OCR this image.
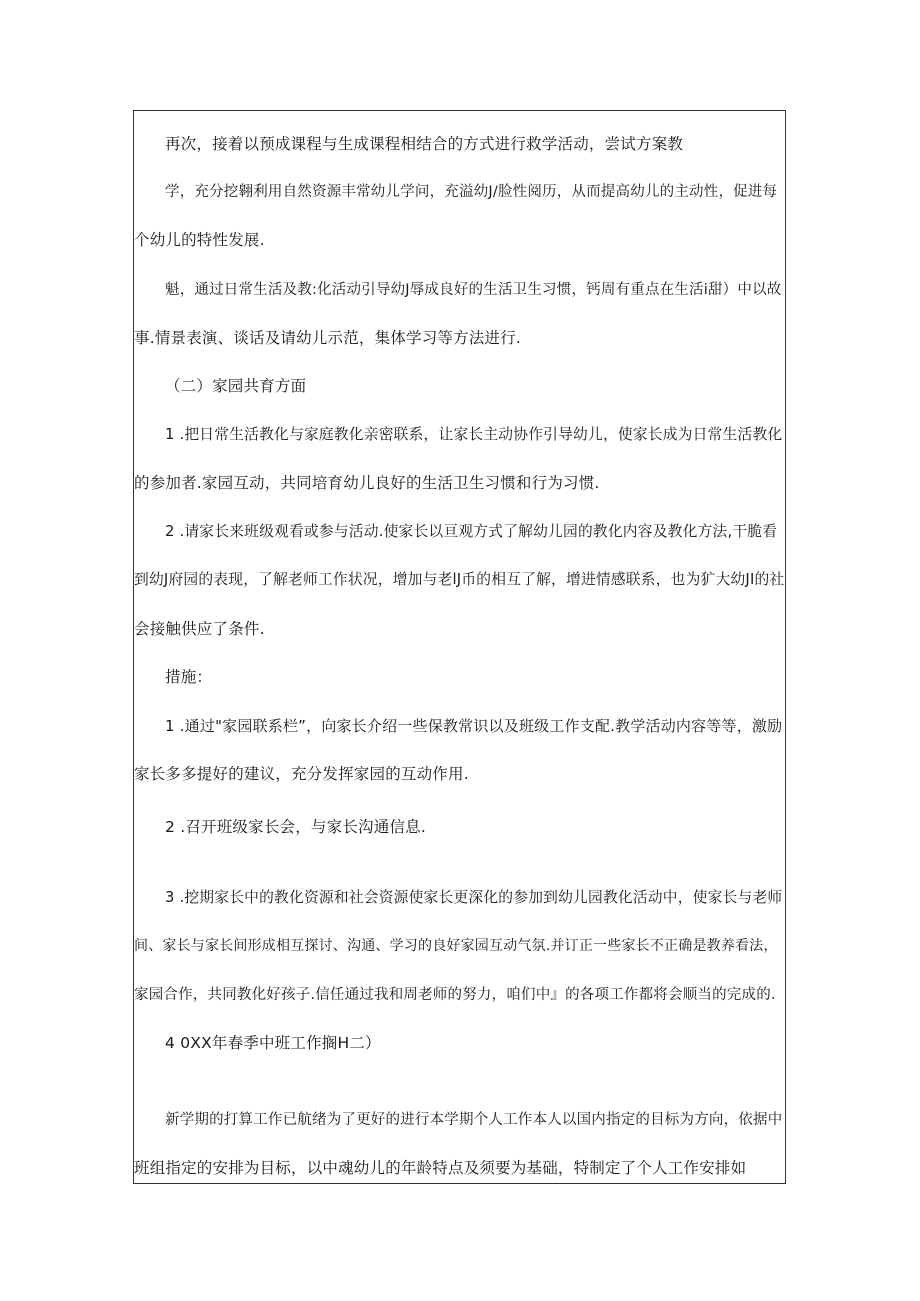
再次，接着以预成课程与生成课程相结合的方式进行救学活动，尝试方案教
学，充分挖翱利用自然资源丰常幼儿学问，充溢幼J/脸性阅历，从而提高幼儿的主动性，促进每
个幼儿的特性发展.
魁，通过日常生活及教:化活动引导幼J辱成良好的生活卫生习惯，钙周有重点在生活i甜）中以故
事.情景表演、谈话及请幼儿示范，集体学习等方法进行.
（二）家园共育方面
1 .把日常生活教化与家庭教化亲密联系，让家长主动协作引导幼儿，使家长成为日常生活教化
的参加者.家园互动，共同培育幼儿良好的生活卫生习惯和行为习惯.
2 .请家长来班级观看或参与活动.使家长以亘观方式了解幼儿园的教化内容及教化方法,干脆看
到幼J府园的表现，了解老师工作状况，增加与老lJ币的相互了解，增进情感联系，也为犷大幼JI的社
会接触供应了条件.
措施：
1 .通过"家园联系栏”，向家长介绍一些保教常识以及班级工作支配.教学活动内容等等，激励
家长多多提好的建议，充分发挥家园的互动作用.
2 .召开班级家长会，与家长沟通信息.
3 .挖期家长中的教化资源和社会资源使家长更深化的参加到幼儿园教化活动中，使家长与老师
间、家长与家长间形成相互探讨、沟通、学习的良好家园互动气氛.并订正一些家长不正确是教养看法，
家园合作，共同教化好孩子.信任通过我和周老师的努力，咱们中』的各项工作都将会顺当的完成的.
4 0XX年春季中班工作搁H二）
新学期的打算工作已航绪为了更好的进行本学期个人工作本人以国内指定的目标为方向，依据中
班组指定的安排为目标，以中魂幼儿的年龄特点及须要为基础，特制定了个人工作安排如
